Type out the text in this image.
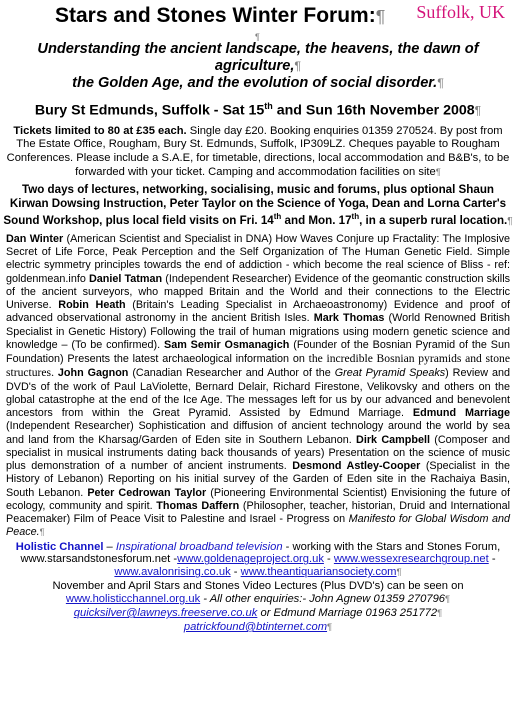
Stars and Stones Winter Forum:¶ Suffolk, UK
¶
Understanding the ancient landscape, the heavens, the dawn of
agriculture,¶
the Golden Age, and the evolution of social disorder.¶
Bury St Edmunds, Suffolk - Sat 15th and Sun 16th November 2008¶
Tickets limited to 80 at £35 each. Single day £20. Booking enquiries 01359 270524. By post from The Estate Office, Rougham, Bury St. Edmunds, Suffolk, IP309LZ. Cheques payable to Rougham Conferences. Please include a S.A.E, for timetable, directions, local accommodation and B&B's, to be forwarded with your ticket. Camping and accommodation facilities on site¶
Two days of lectures, networking, socialising, music and forums, plus optional Shaun Kirwan Dowsing Instruction, Peter Taylor on the Science of Yoga, Dean and Lorna Carter's Sound Workshop, plus local field visits on Fri. 14th and Mon. 17th, in a superb rural location.¶
Dan Winter (American Scientist and Specialist in DNA) How Waves Conjure up Fractality: The Implosive Secret of Life Force, Peak Perception and the Self Organization of The Human Genetic Field. Simple electric symmetry principles towards the end of addiction - which become the real science of Bliss - ref: goldenmean.info Daniel Tatman (Independent Researcher) Evidence of the geomantic construction skills of the ancient surveyors, who mapped Britain and the World and their connections to the Electric Universe. Robin Heath (Britain's Leading Specialist in Archaeoastronomy) Evidence and proof of advanced observational astronomy in the ancient British Isles. Mark Thomas (World Renowned British Specialist in Genetic History) Following the trail of human migrations using modern genetic science and knowledge – (To be confirmed). Sam Semir Osmanagich (Founder of the Bosnian Pyramid of the Sun Foundation) Presents the latest archaeological information on the incredible Bosnian pyramids and stone structures. John Gagnon (Canadian Researcher and Author of the Great Pyramid Speaks) Review and DVD's of the work of Paul LaViolette, Bernard Delair, Richard Firestone, Velikovsky and others on the global catastrophe at the end of the Ice Age. The messages left for us by our advanced and benevolent ancestors from within the Great Pyramid. Assisted by Edmund Marriage. Edmund Marriage (Independent Researcher) Sophistication and diffusion of ancient technology around the world by sea and land from the Kharsag/Garden of Eden site in Southern Lebanon. Dirk Campbell (Composer and specialist in musical instruments dating back thousands of years) Presentation on the science of music plus demonstration of a number of ancient instruments. Desmond Astley-Cooper (Specialist in the History of Lebanon) Reporting on his initial survey of the Garden of Eden site in the Rachaiya Basin, South Lebanon. Peter Cedrowan Taylor (Pioneering Environmental Scientist) Envisioning the future of ecology, community and spirit. Thomas Daffern (Philosopher, teacher, historian, Druid and International Peacemaker) Film of Peace Visit to Palestine and Israel - Progress on Manifesto for Global Wisdom and Peace.¶
Holistic Channel – Inspirational broadband television - working with the Stars and Stones Forum, www.starsandstonesforum.net -www.goldenageproject.org.uk - www.wessexresearchgroup.net -www.avalonrising.co.uk - www.theantiquariansociety.com¶
November and April Stars and Stones Video Lectures (Plus DVD's) can be seen on
www.holisticchannel.org.uk - All other enquiries:- John Agnew 01359 270796¶
quicksilver@lawneys.freeserve.co.uk or Edmund Marriage 01963 251772¶
patrickfound@btinternet.com¶
